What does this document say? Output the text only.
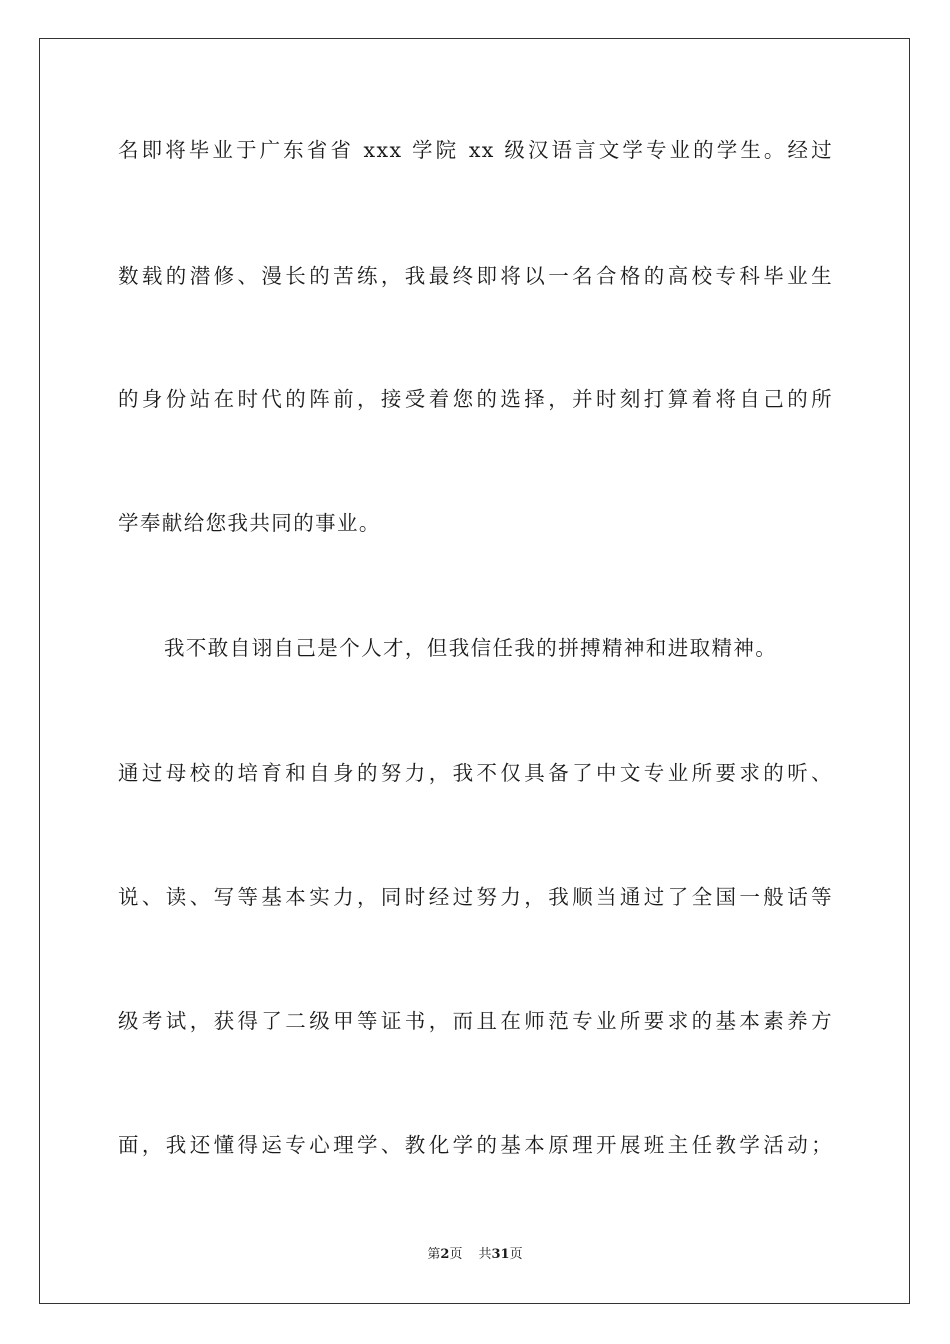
名即将毕业于广东省省 xxx 学院 xx 级汉语言文学专业的学生。经过
数载的潜修、漫长的苦练，我最终即将以一名合格的高校专科毕业生
的身份站在时代的阵前，接受着您的选择，并时刻打算着将自己的所
学奉献给您我共同的事业。
我不敢自诩自己是个人才，但我信任我的拼搏精神和进取精神。
通过母校的培育和自身的努力，我不仅具备了中文专业所要求的听、
说、读、写等基本实力，同时经过努力，我顺当通过了全国一般话等
级考试，获得了二级甲等证书，而且在师范专业所要求的基本素养方
面，我还懂得运专心理学、教化学的基本原理开展班主任教学活动；
第2页 共31页
